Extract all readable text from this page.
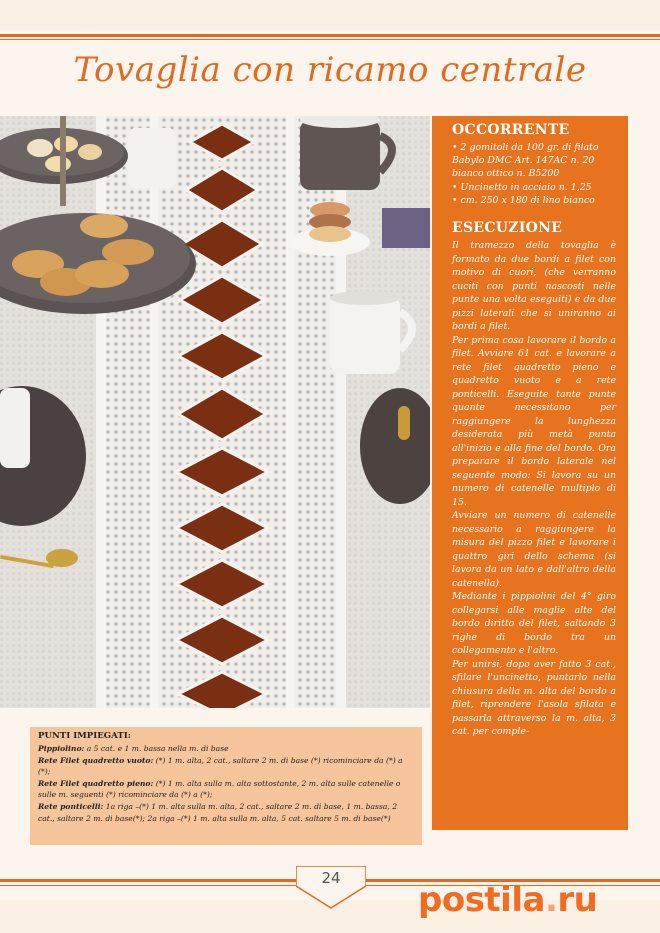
Tovaglia con ricamo centrale
OCCORRENTE
• 2 gomitoli da 100 gr. di filato Babylo DMC Art. 147AC n. 20 bianco ottico n. B5200
• Uncinetto in acciaio n. 1,25
• cm. 250 x 180 di lino bianco
ESECUZIONE

Il tramezzo della tovaglia è formato da due bordi a filet con motivo di cuori, (che verranno cuciti con punti nascosti nelle punte una volta eseguiti) e da due pizzi laterali che si uniranno ai bordi a filet.

Per prima cosa lavorare il bordo a filet. Avviare 61 cat. e lavorare a rete filet quadretto pieno e quadretto vuoto e a rete ponticelli. Eseguite tante punte quante necessitano per raggiungere la lunghezza desiderata più metà punta all'inizio e alla fine del bordo. Ora preparare il bordo laterale nel seguente modo: Si lavora su un numero di catenelle multiplo di 15.

Avviare un numero di catenelle necessario a raggiungere la misura del pizzo filet e lavorare i quattro giri dello schema (si lavora da un lato e dall'altro della catenella).

Mediante i pippiolini del 4° giro collegarsi alle maglie alte del bordo diritto del filet, saltando 3 righe di bordo tra un collegamento e l'altro.

Per unirsi, dopo aver fatto 3 cat., sfilare l'uncinetto, puntarlo nella chiusura della m. alta del bordo a filet, riprendere l'asola sfilata e passarla attraverso la m. alta, 3 cat. per comple-

PUNTI IMPIEGATI:

Pippiolino: a 5 cat. e 1 m. bassa nella m. di base

Rete Filet quadretto vuoto: (*) 1 m. alta, 2 cat., saltare 2 m. di base (*) ricominciare da (*) a (*);

Rete Filet quadretto pieno: (*) 1 m. alta sulla m. alta sottostante, 2 m. alta sulle catenelle o sulle m. seguenti (*) ricominciare da (*) a (*);

Rete ponticelli: 1a riga –(*) 1 m. alta sulla m. alta, 2 cat., saltare 2 m. di base, 1 m. bassa, 2 cat., saltare 2 m. di base(*); 2a riga –(*) 1 m. alta sulla m. alta, 5 cat. saltare 5 m. di base(*)

24
postila.ru
